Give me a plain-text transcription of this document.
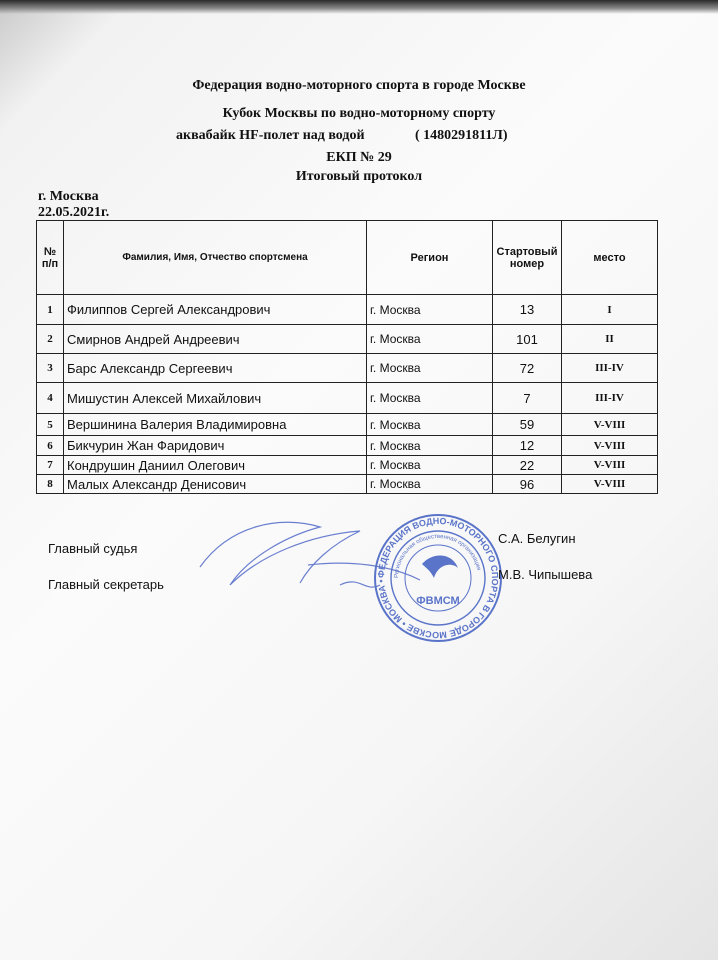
Федерация водно-моторного спорта в городе Москве
Кубок Москвы по водно-моторному спорту
аквабайк HF-полет над водой	( 1480291811Л)
ЕКП № 29
Итоговый протокол
г. Москва
22.05.2021г.
№ п/п	Фамилия, Имя, Отчество спортсмена	Регион	Стартовый номер	место
1	Филиппов Сергей Александрович	г. Москва	13	I
2	Смирнов Андрей Андреевич	г. Москва	101	II
3	Барс Александр Сергеевич	г. Москва	72	III-IV
4	Мишустин Алексей Михайлович	г. Москва	7	III-IV
5	Вершинина Валерия Владимировна	г. Москва	59	V-VIII
6	Бикчурин Жан Фаридович	г. Москва	12	V-VIII
7	Кондрушин Даниил Олегович	г. Москва	22	V-VIII
8	Малых Александр Денисович	г. Москва	96	V-VIII
ФЕДЕРАЦИЯ ВОДНО-МОТОРНОГО СПОРТА В ГОРОДЕ МОСКВЕ • МОСКВА •
Региональная общественная организация
ФВМСМ
Главный судья
С.А. Белугин
Главный секретарь
М.В. Чипышева
